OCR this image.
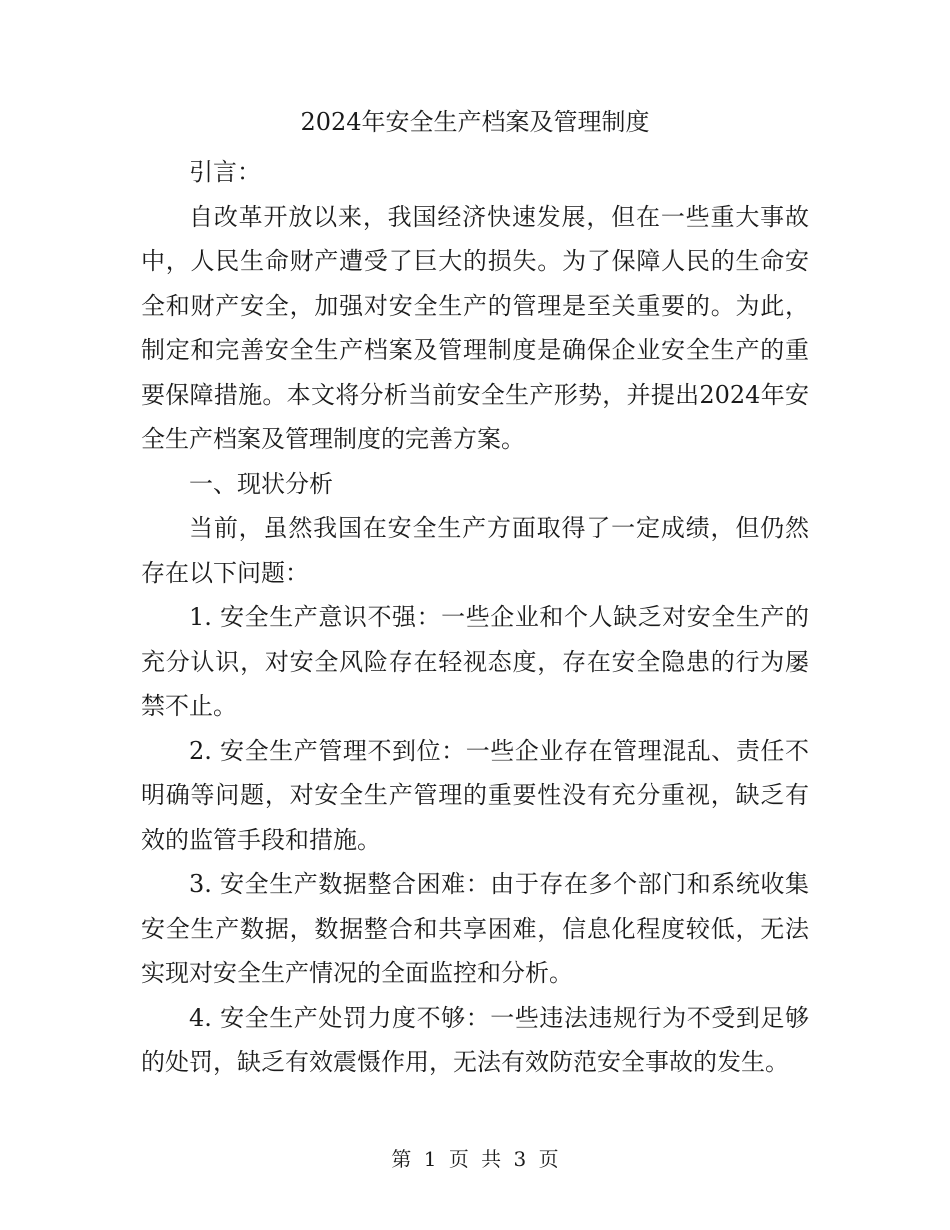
2024年安全生产档案及管理制度

引言：

自改革开放以来，我国经济快速发展，但在一些重大事故中，人民生命财产遭受了巨大的损失。为了保障人民的生命安全和财产安全，加强对安全生产的管理是至关重要的。为此，制定和完善安全生产档案及管理制度是确保企业安全生产的重要保障措施。本文将分析当前安全生产形势，并提出2024年安全生产档案及管理制度的完善方案。

一、现状分析

当前，虽然我国在安全生产方面取得了一定成绩，但仍然存在以下问题：

1. 安全生产意识不强：一些企业和个人缺乏对安全生产的充分认识，对安全风险存在轻视态度，存在安全隐患的行为屡禁不止。

2. 安全生产管理不到位：一些企业存在管理混乱、责任不明确等问题，对安全生产管理的重要性没有充分重视，缺乏有效的监管手段和措施。

3. 安全生产数据整合困难：由于存在多个部门和系统收集安全生产数据，数据整合和共享困难，信息化程度较低，无法实现对安全生产情况的全面监控和分析。

4. 安全生产处罚力度不够：一些违法违规行为不受到足够的处罚，缺乏有效震慑作用，无法有效防范安全事故的发生。

第 1 页 共 3 页
